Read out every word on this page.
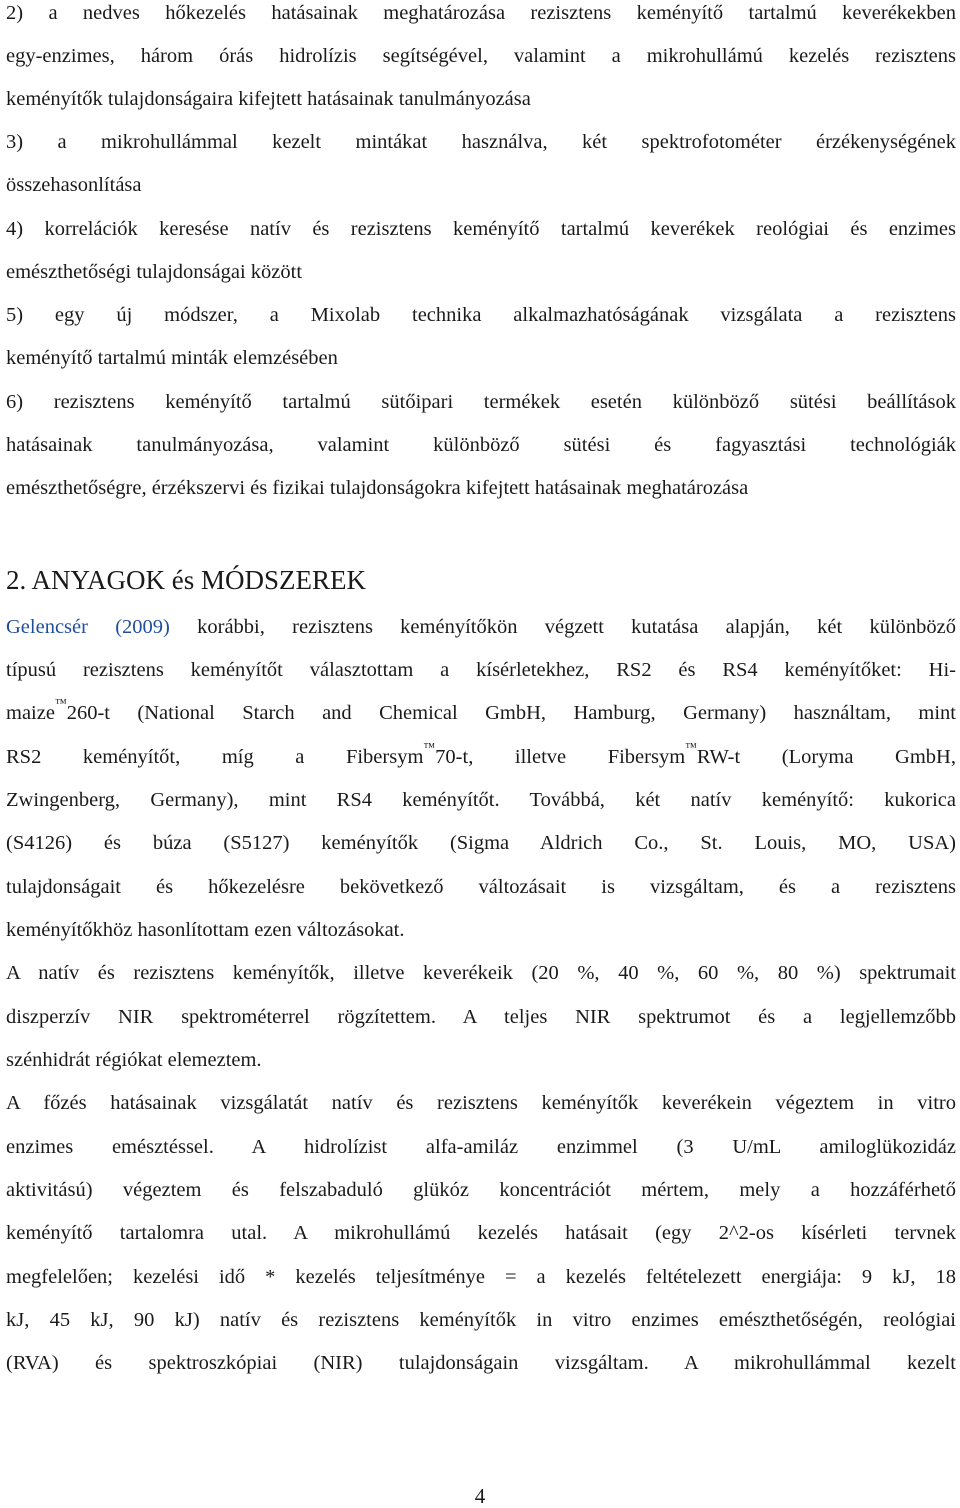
2) a nedves hőkezelés hatásainak meghatározása rezisztens keményítő tartalmú keverékekben
egy-enzimes, három órás hidrolízis segítségével, valamint a mikrohullámú kezelés rezisztens
keményítők tulajdonságaira kifejtett hatásainak tanulmányozása
3) a mikrohullámmal kezelt mintákat használva, két spektrofotométer érzékenységének
összehasonlítása
4) korrelációk keresése natív és rezisztens keményítő tartalmú keverékek reológiai és enzimes
emészthetőségi tulajdonságai között
5) egy új módszer, a Mixolab technika alkalmazhatóságának vizsgálata a rezisztens
keményítő tartalmú minták elemzésében
6) rezisztens keményítő tartalmú sütőipari termékek esetén különböző sütési beállítások
hatásainak tanulmányozása, valamint különböző sütési és fagyasztási technológiák
emészthetőségre, érzékszervi és fizikai tulajdonságokra kifejtett hatásainak meghatározása
2. ANYAGOK és MÓDSZEREK
Gelencsér (2009) korábbi, rezisztens keményítőkön végzett kutatása alapján, két különböző
típusú rezisztens keményítőt választottam a kísérletekhez, RS2 és RS4 keményítőket: Hi-
maize™260-t (National Starch and Chemical GmbH, Hamburg, Germany) használtam, mint
RS2 keményítőt, míg a Fibersym™70-t, illetve Fibersym™RW-t (Loryma GmbH,
Zwingenberg, Germany), mint RS4 keményítőt. Továbbá, két natív keményítő: kukorica
(S4126) és búza (S5127) keményítők (Sigma Aldrich Co., St. Louis, MO, USA)
tulajdonságait és hőkezelésre bekövetkező változásait is vizsgáltam, és a rezisztens
keményítőkhöz hasonlítottam ezen változásokat.
A natív és rezisztens keményítők, illetve keverékeik (20 %, 40 %, 60 %, 80 %) spektrumait
diszperzív NIR spektrométerrel rögzítettem. A teljes NIR spektrumot és a legjellemzőbb
szénhidrát régiókat elemeztem.
A főzés hatásainak vizsgálatát natív és rezisztens keményítők keverékein végeztem in vitro
enzimes emésztéssel. A hidrolízist alfa-amiláz enzimmel (3 U/mL amiloglükozidáz
aktivitású) végeztem és felszabaduló glükóz koncentrációt mértem, mely a hozzáférhető
keményítő tartalomra utal. A mikrohullámú kezelés hatásait (egy 2^2-os kísérleti tervnek
megfelelően; kezelési idő * kezelés teljesítménye = a kezelés feltételezett energiája: 9 kJ, 18
kJ, 45 kJ, 90 kJ) natív és rezisztens keményítők in vitro enzimes emészthetőségén, reológiai
(RVA) és spektroszkópiai (NIR) tulajdonságain vizsgáltam. A mikrohullámmal kezelt
4
